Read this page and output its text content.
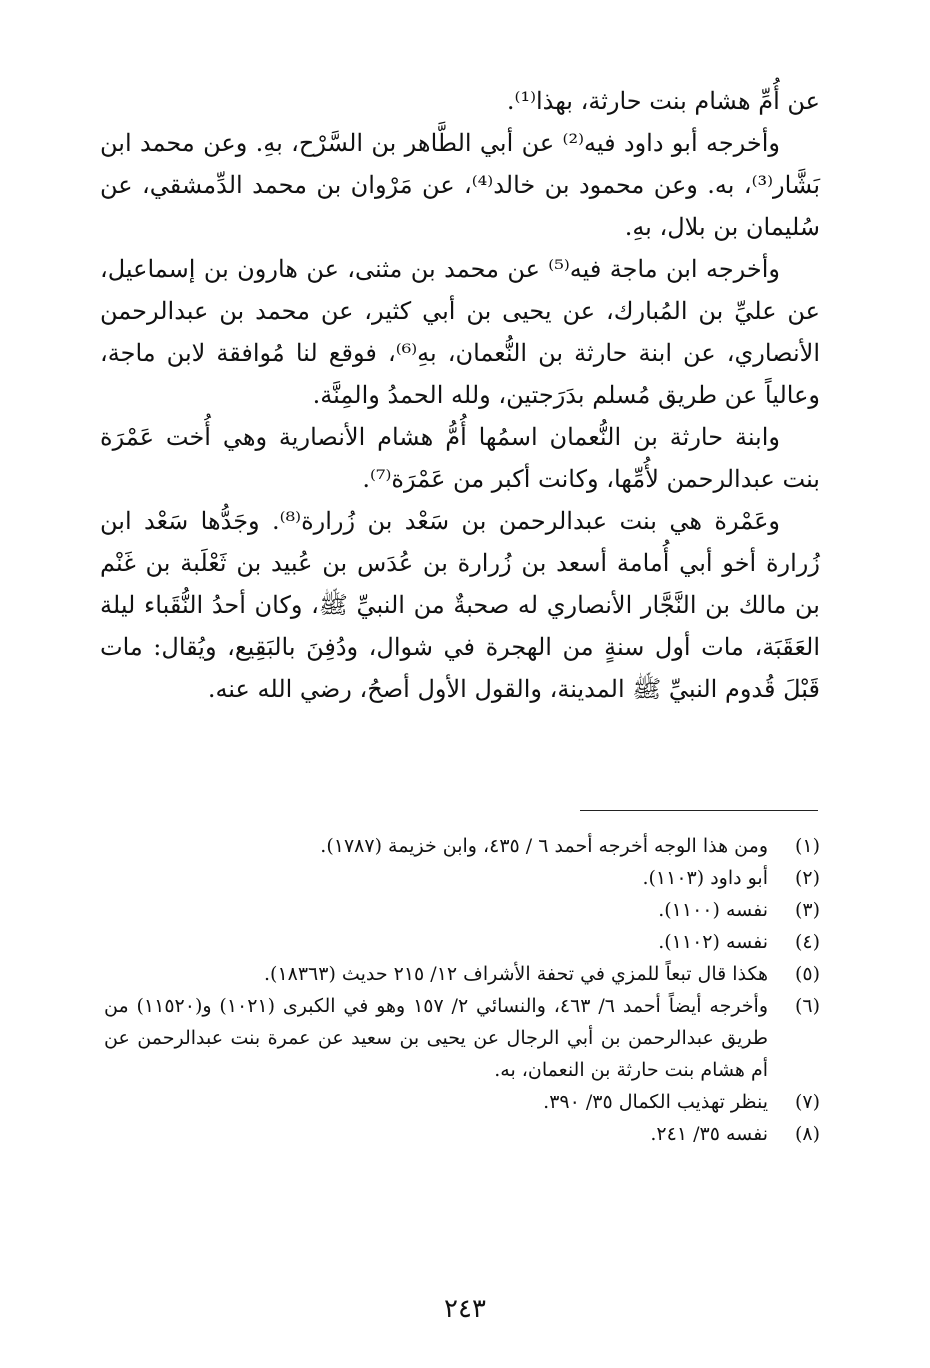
عن أُمِّ هشام بنت حارثة، بهذا⁽¹⁾.

وأخرجه أبو داود فيه⁽²⁾ عن أبي الطَّاهر بن السَّرْح، بهِ. وعن محمد ابن بَشَّار⁽³⁾، به. وعن محمود بن خالد⁽⁴⁾، عن مَرْوان بن محمد الدِّمشقي، عن سُليمان بن بلال، بهِ.

وأخرجه ابن ماجة فيه⁽⁵⁾ عن محمد بن مثنى، عن هارون بن إسماعيل، عن عليِّ بن المُبارك، عن يحيى بن أبي كثير، عن محمد بن عبدالرحمن الأنصاري، عن ابنة حارثة بن النُّعمان، بهِ⁽⁶⁾، فوقع لنا مُوافقة لابن ماجة، وعالياً عن طريق مُسلم بدَرَجتين، ولله الحمدُ والمِنَّة.

وابنة حارثة بن النُّعمان اسمُها أُمُّ هشام الأنصارية وهي أُخت عَمْرَة بنت عبدالرحمن لأُمِّها، وكانت أكبر من عَمْرَة⁽⁷⁾.

وعَمْرة هي بنت عبدالرحمن بن سَعْد بن زُرارة⁽⁸⁾. وجَدُّها سَعْد ابن زُرارة أخو أبي أُمامة أسعد بن زُرارة بن عُدَس بن عُبيد بن ثَعْلَبة بن غَنْم بن مالك بن النَّجَّار الأنصاري له صحبةٌ من النبيِّ ﷺ، وكان أحدُ النُّقَباء ليلة العَقَبَة، مات أول سنةٍ من الهجرة في شوال، ودُفِنَ بالبَقِيع، ويُقال: مات قَبْلَ قُدوم النبيِّ ﷺ المدينة، والقول الأول أصحُ، رضي الله عنه.

(١)
ومن هذا الوجه أخرجه أحمد ٦ / ٤٣٥، وابن خزيمة (١٧٨٧).
(٢)
أبو داود (١١٠٣).
(٣)
نفسه (١١٠٠).
(٤)
نفسه (١١٠٢).
(٥)
هكذا قال تبعاً للمزي في تحفة الأشراف ١٢/ ٢١٥ حديث (١٨٣٦٣).
(٦)
وأخرجه أيضاً أحمد ٦/ ٤٦٣، والنسائي ٢/ ١٥٧ وهو في الكبرى (١٠٢١) و(١١٥٢٠) من طريق عبدالرحمن بن أبي الرجال عن يحيى بن سعيد عن عمرة بنت عبدالرحمن عن أم هشام بنت حارثة بن النعمان، به.
(٧)
ينظر تهذيب الكمال ٣٥/ ٣٩٠.
(٨)
نفسه ٣٥/ ٢٤١.
٢٤٣
